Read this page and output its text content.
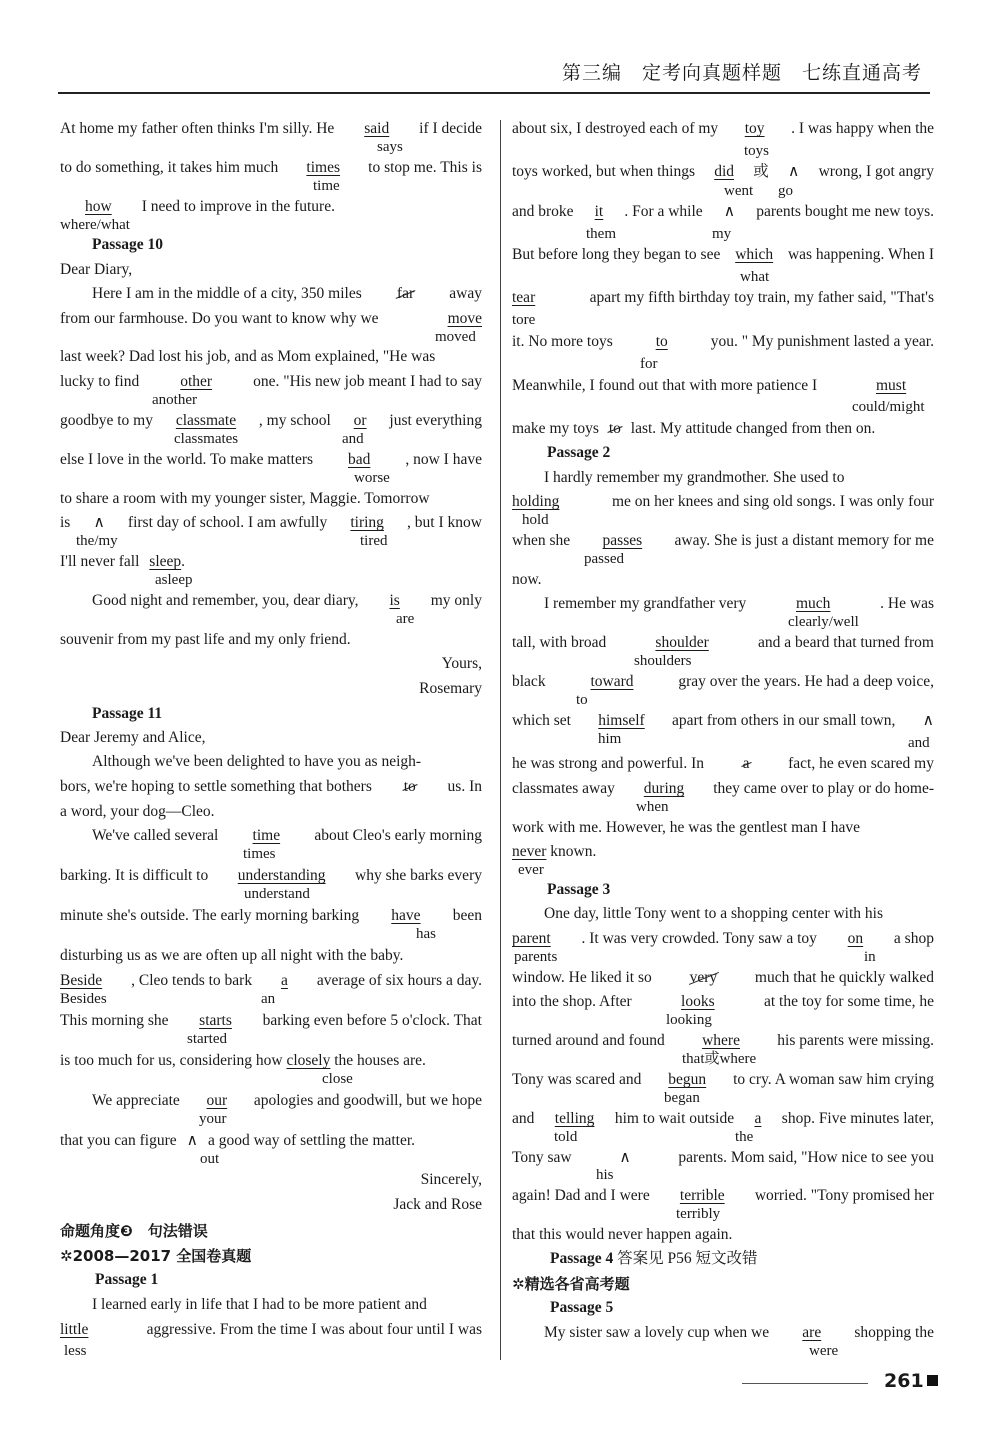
第三编　定考向真题样题　七练直通高考
At home my father often thinks I'm silly. He said if I decide
says
to do something, it takes him much times to stop me. This is
time
how I need to improve in the future.
where/what
Passage 10
Dear Diary,
Here I am in the middle of a city, 350 miles far away
from our farmhouse. Do you want to know why we	move
moved
last week? Dad lost his job, and as Mom explained, "He was
lucky to find	other	one. "His new job meant I had to say
another
goodbye to my classmate , my school or just everything
classmates	and
else I love in the world. To make matters bad , now I have
worse
to share a room with my younger sister, Maggie. Tomorrow
is ∧ first day of school. I am awfully tiring , but I know
the/my	tired
I'll never fall sleep.
asleep
Good night and remember, you, dear diary, is my only
are
souvenir from my past life and my only friend.
Yours,
Rosemary
Passage 11
Dear Jeremy and Alice,
Although we've been delighted to have you as neigh-
bors, we're hoping to settle something that bothers to us. In
a word, your dog—Cleo.
We've called several time about Cleo's early morning
times
barking. It is difficult to understanding why she barks every
understand
minute she's outside. The early morning barking have been
has
disturbing us as we are often up all night with the baby.
Beside , Cleo tends to bark a average of six hours a day.
Besides	an
This morning she starts barking even before 5 o'clock. That
started
is too much for us, considering how closely the houses are.
close
We appreciate our apologies and goodwill, but we hope
your
that you can figure ∧ a good way of settling the matter.
out
Sincerely,
Jack and Rose
命题角度❸　句法错误
✲2008—2017 全国卷真题
Passage 1
I learned early in life that I had to be more patient and
little	aggressive. From the time I was about four until I was
less
about six, I destroyed each of my toy . I was happy when the
toys
toys worked, but when things did 或 ∧ wrong, I got angry
went go
and broke it . For a while ∧ parents bought me new toys.
them	my
But before long they began to see which was happening. When I
what
tear	apart my fifth birthday toy train, my father said, "That's
tore
it. No more toys	to	you. " My punishment lasted a year.
for
Meanwhile, I found out that with more patience I	must
could/might
make my toys to last. My attitude changed from then on.
Passage 2
I hardly remember my grandmother. She used to
holding	me on her knees and sing old songs. I was only four
hold
when she passes away. She is just a distant memory for me
passed
now.
I remember my grandfather very	much	. He was
clearly/well
tall, with broad	shoulder	and a beard that turned from
shoulders
black	toward	gray over the years. He had a deep voice,
to
which set himself apart from others in our small town, ∧
him	and
he was strong and powerful. In a fact, he even scared my
classmates away during they came over to play or do home-
when
work with me. However, he was the gentlest man I have
never known.
ever
Passage 3
One day, little Tony went to a shopping center with his
parent . It was very crowded. Tony saw a toy on a shop
parents	in
window. He liked it so very much that he quickly walked
into the shop. After	looks	at the toy for some time, he
looking
turned around and found where his parents were missing.
that或where
Tony was scared and begun to cry. A woman saw him crying
began
and telling him to wait outside a shop. Five minutes later,
told	the
Tony saw	∧	parents. Mom said, "How nice to see you
his
again! Dad and I were terrible worried. "Tony promised her
terribly
that this would never happen again.
Passage 4 答案见 P56 短文改错
✲精选各省高考题
Passage 5
My sister saw a lovely cup when we are shopping the
were
261
